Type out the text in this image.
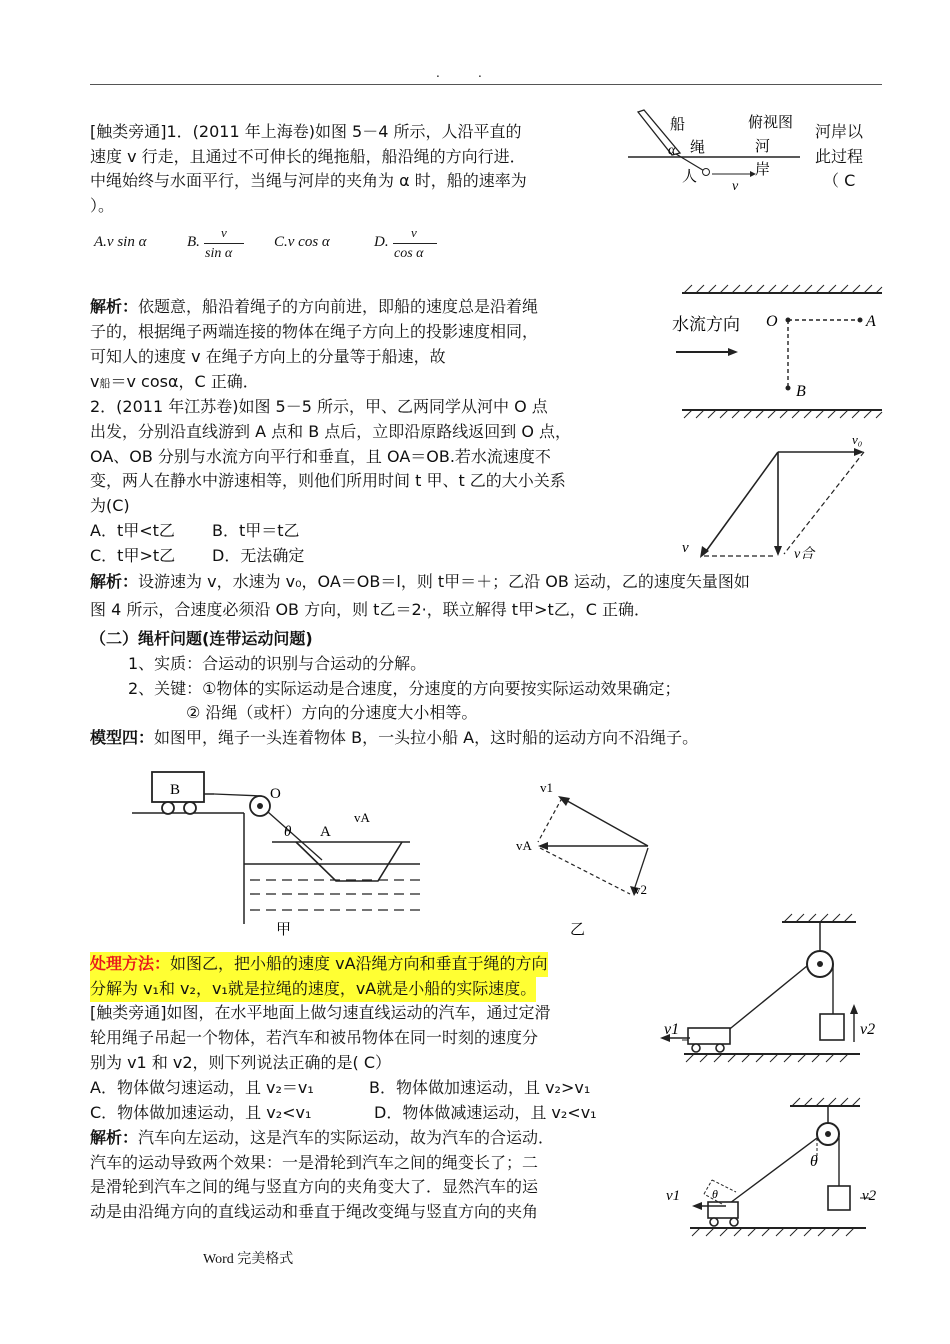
.          .
[触类旁通]1．(2011 年上海卷)如图 5－4 所示，人沿平直的
速度 v 行走，且通过不可伸长的绳拖船，船沿绳的方向行进．
中绳始终与水面平行，当绳与河岸的夹角为 α 时，船的速率为
）。
河岸以
此过程
（ C
A.v sin α	B.
v
sin α
C.v cos α	D.
v
cos α
船	俯视图
α 绳	河
岸
人
v
解析：依题意，船沿着绳子的方向前进，即船的速度总是沿着绳
子的，根据绳子两端连接的物体在绳子方向上的投影速度相同，
可知人的速度 v 在绳子方向上的分量等于船速，故
v船＝v cosα，C 正确．
2．(2011 年江苏卷)如图 5－5 所示，甲、乙两同学从河中 O 点
出发，分别沿直线游到 A 点和 B 点后，立即沿原路线返回到 O 点，
OA、OB 分别与水流方向平行和垂直，且 OA＝OB.若水流速度不
变，两人在静水中游速相等，则他们所用时间 t 甲、t 乙的大小关系
为(C)
A．t甲<t乙 B．t甲＝t乙
C．t甲>t乙 D．无法确定
水流方向 O	A
B
v₀
v	v合
解析：设游速为 v，水速为 v₀，OA＝OB＝l，则 t甲＝＋；乙沿 OB 运动，乙的速度矢量图如
图 4 所示，合速度必须沿 OB 方向，则 t乙＝2·，联立解得 t甲>t乙，C 正确．
（二）绳杆问题(连带运动问题)
1、实质：合运动的识别与合运动的分解。
2、关键：①物体的实际运动是合速度，分速度的方向要按实际运动效果确定；
② 沿绳（或杆）方向的分速度大小相等。
模型四：如图甲，绳子一头连着物体 B，一头拉小船 A，这时船的运动方向不沿绳子。
B	O
θ A
vA
甲
v1
vA
v2
乙
处理方法：如图乙，把小船的速度 vA沿绳方向和垂直于绳的方向
分解为 v₁和 v₂，v₁就是拉绳的速度，vA就是小船的实际速度。
[触类旁通]如图，在水平地面上做匀速直线运动的汽车，通过定滑
轮用绳子吊起一个物体，若汽车和被吊物体在同一时刻的速度分
别为 v1 和 v2，则下列说法正确的是( C）
A．物体做匀速运动，且 v₂＝v₁	B．物体做加速运动，且 v₂>v₁
C．物体做加速运动，且 v₂<v₁	D．物体做减速运动，且 v₂<v₁
解析：汽车向左运动，这是汽车的实际运动，故为汽车的合运动．
汽车的运动导致两个效果：一是滑轮到汽车之间的绳变长了；二
是滑轮到汽车之间的绳与竖直方向的夹角变大了．显然汽车的运
动是由沿绳方向的直线运动和垂直于绳改变绳与竖直方向的夹角
v1	v2
θ
θ
v1	v2
Word 完美格式
